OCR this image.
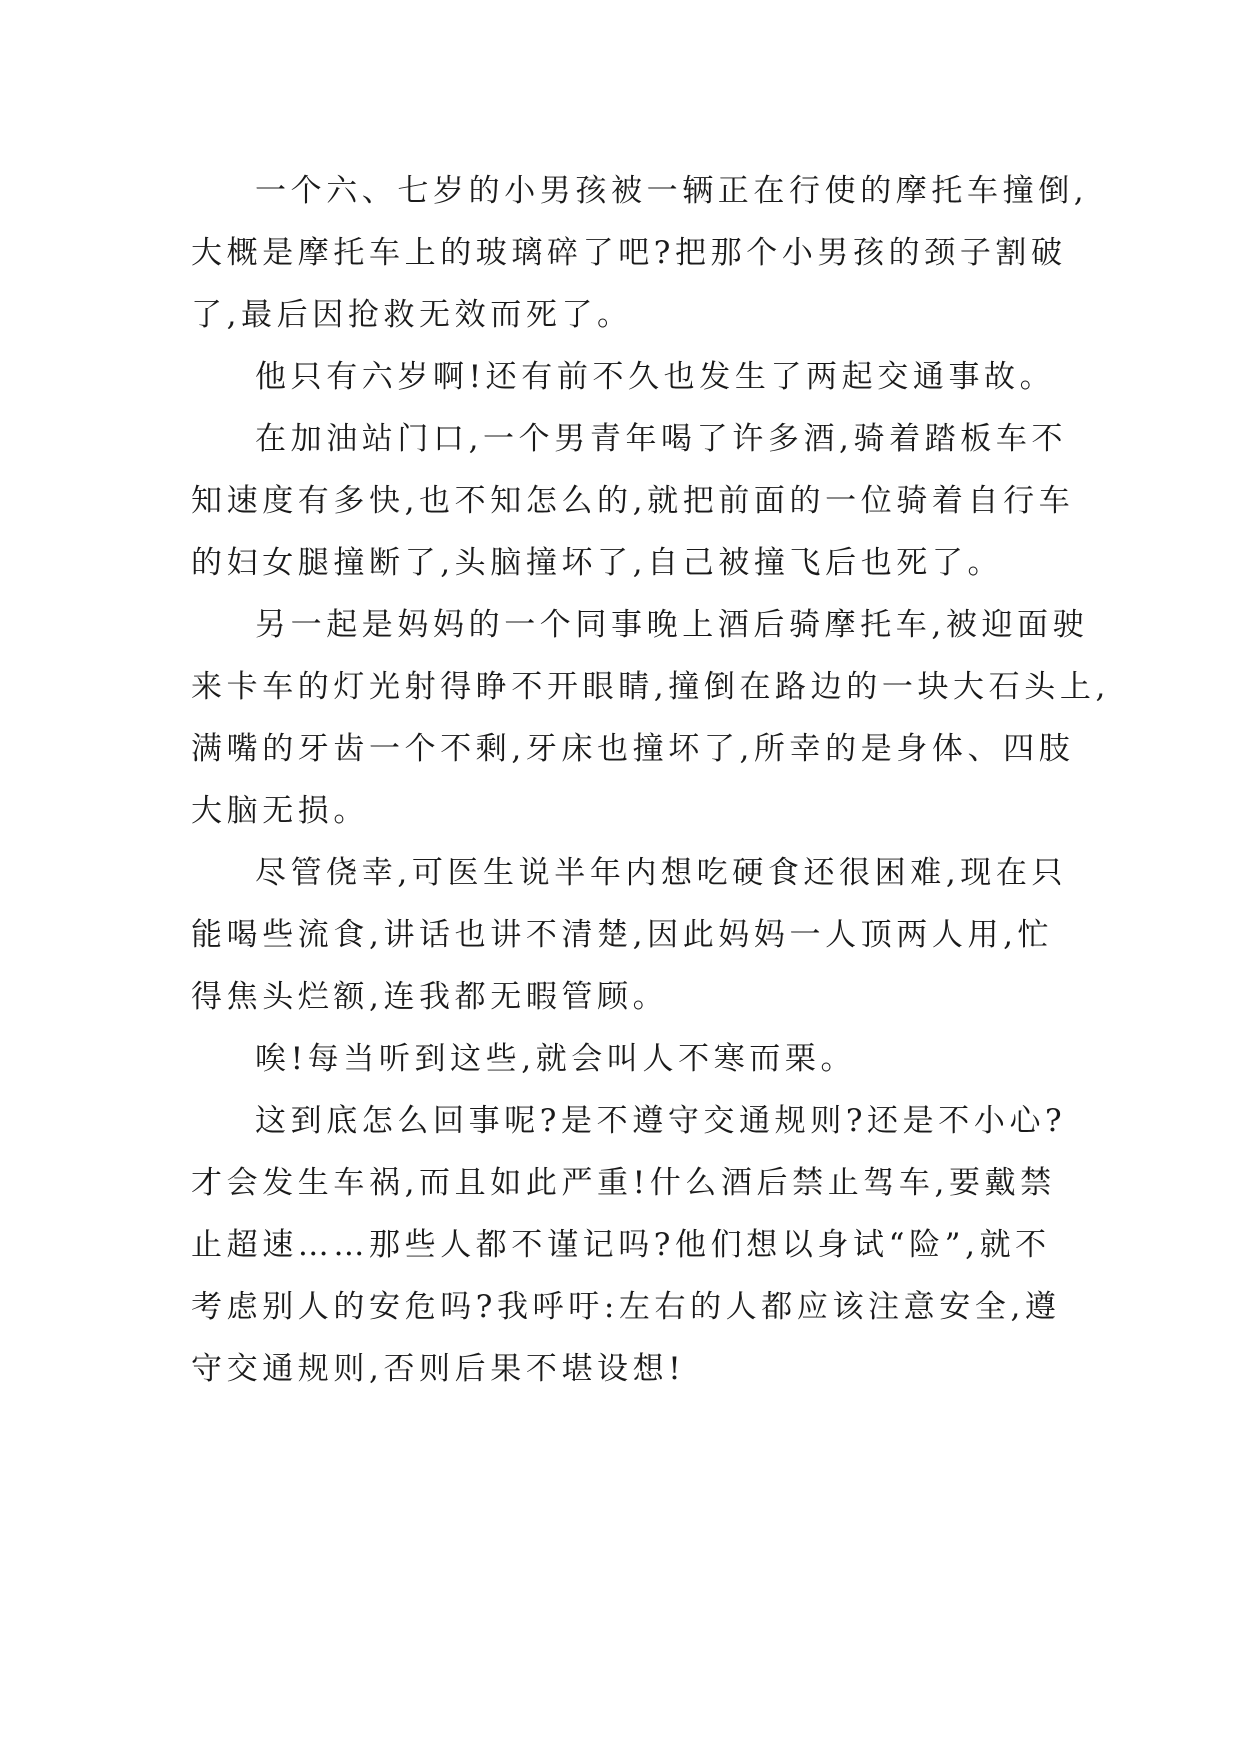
一个六、七岁的小男孩被一辆正在行使的摩托车撞倒,
大概是摩托车上的玻璃碎了吧?把那个小男孩的颈子割破
了,最后因抢救无效而死了。
他只有六岁啊!还有前不久也发生了两起交通事故。
在加油站门口,一个男青年喝了许多酒,骑着踏板车不
知速度有多快,也不知怎么的,就把前面的一位骑着自行车
的妇女腿撞断了,头脑撞坏了,自己被撞飞后也死了。
另一起是妈妈的一个同事晚上酒后骑摩托车,被迎面驶
来卡车的灯光射得睁不开眼睛,撞倒在路边的一块大石头上,
满嘴的牙齿一个不剩,牙床也撞坏了,所幸的是身体、四肢
大脑无损。
尽管侥幸,可医生说半年内想吃硬食还很困难,现在只
能喝些流食,讲话也讲不清楚,因此妈妈一人顶两人用,忙
得焦头烂额,连我都无暇管顾。
唉!每当听到这些,就会叫人不寒而栗。
这到底怎么回事呢?是不遵守交通规则?还是不小心?
才会发生车祸,而且如此严重!什么酒后禁止驾车,要戴禁
止超速……那些人都不谨记吗?他们想以身试“险”,就不
考虑别人的安危吗?我呼吁:左右的人都应该注意安全,遵
守交通规则,否则后果不堪设想!
